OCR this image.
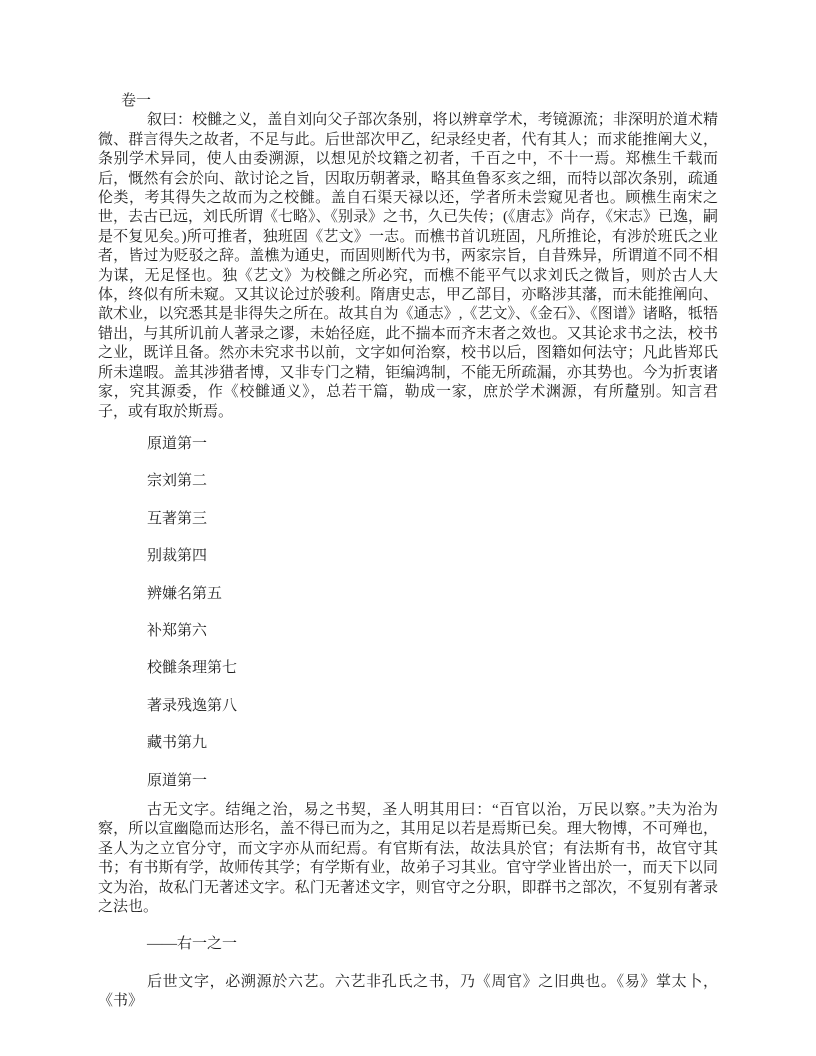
卷一

叙曰：校雠之义，盖自刘向父子部次条别，将以辨章学术，考镜源流；非深明於道术精微、群言得失之故者，不足与此。后世部次甲乙，纪录经史者，代有其人；而求能推阐大义，条别学术异同，使人由委溯源，以想见於坟籍之初者，千百之中，不十一焉。郑樵生千载而后，慨然有会於向、歆讨论之旨，因取历朝著录，略其鱼鲁豕亥之细，而特以部次条别，疏通伦类，考其得失之故而为之校雠。盖自石渠天禄以还，学者所未尝窥见者也。顾樵生南宋之世，去古已远，刘氏所谓《七略》、《别录》之书，久已失传；(《唐志》尚存，《宋志》已逸，嗣是不复见矣。)所可推者，独班固《艺文》一志。而樵书首讥班固，凡所推论，有涉於班氏之业者，皆过为贬驳之辞。盖樵为通史，而固则断代为书，两家宗旨，自昔殊异，所谓道不同不相为谋，无足怪也。独《艺文》为校雠之所必究，而樵不能平气以求刘氏之微旨，则於古人大体，终似有所未窥。又其议论过於骏利。隋唐史志，甲乙部目，亦略涉其藩，而未能推阐向、歆术业，以究悉其是非得失之所在。故其自为《通志》,《艺文》、《金石》、《图谱》诸略，牴牾错出，与其所讥前人著录之谬，未始径庭，此不揣本而齐末者之效也。又其论求书之法，校书之业，既详且备。然亦未究求书以前，文字如何治察，校书以后，图籍如何法守；凡此皆郑氏所未遑暇。盖其涉猎者博，又非专门之精，钜编鸿制，不能无所疏漏，亦其势也。今为折衷诸家，究其源委，作《校雠通义》，总若干篇，勒成一家，庶於学术渊源，有所釐别。知言君子，或有取於斯焉。

原道第一
宗刘第二
互著第三
别裁第四
辨嫌名第五
补郑第六
校雠条理第七
著录残逸第八
藏书第九
原道第一

古无文字。结绳之治，易之书契，圣人明其用曰：“百官以治，万民以察。”夫为治为察，所以宣幽隐而达形名，盖不得已而为之，其用足以若是焉斯已矣。理大物博，不可殚也，圣人为之立官分守，而文字亦从而纪焉。有官斯有法，故法具於官；有法斯有书，故官守其书；有书斯有学，故师传其学；有学斯有业，故弟子习其业。官守学业皆出於一，而天下以同文为治，故私门无著述文字。私门无著述文字，则官守之分职，即群书之部次，不复别有著录之法也。

——右一之一

后世文字，必溯源於六艺。六艺非孔氏之书，乃《周官》之旧典也。《易》掌太卜，《书》
